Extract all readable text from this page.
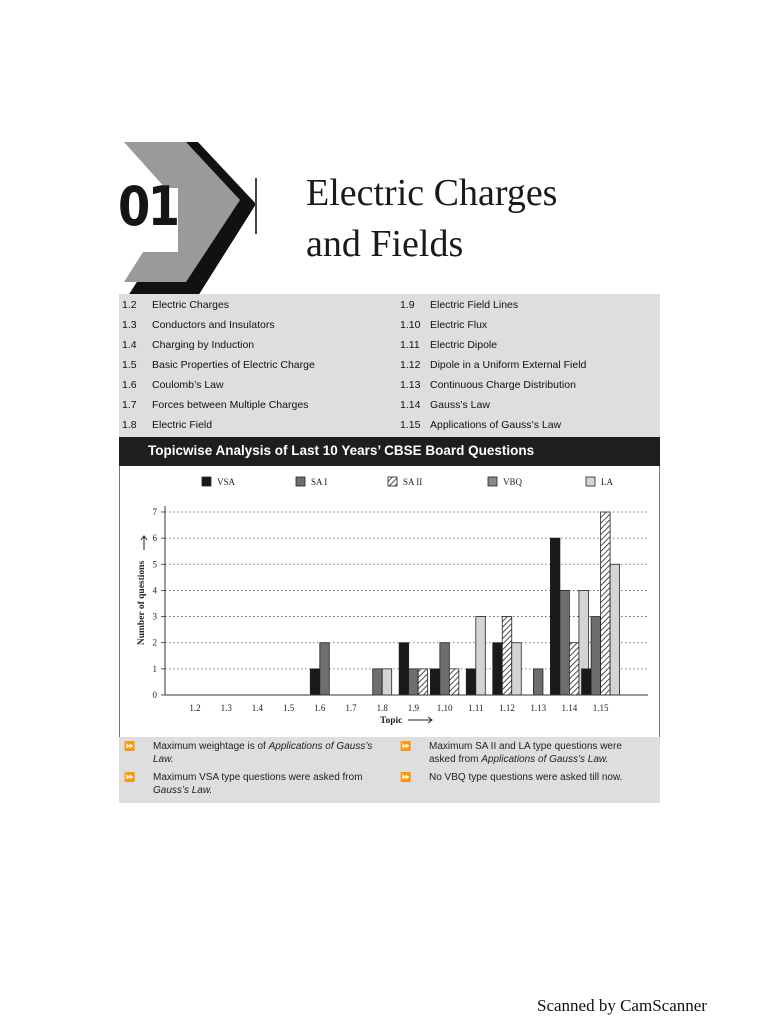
01	Electric Charges
and Fields
1.2 Electric Charges
1.3 Conductors and Insulators
1.4 Charging by Induction
1.5 Basic Properties of Electric Charge
1.6 Coulomb’s Law
1.7 Forces between Multiple Charges
1.8 Electric Field
1.9 Electric Field Lines
1.10 Electric Flux
1.11 Electric Dipole
1.12 Dipole in a Uniform External Field
1.13 Continuous Charge Distribution
1.14 Gauss’s Law
1.15 Applications of Gauss’s Law
Topicwise Analysis of Last 10 Years’ CBSE Board Questions
0
1
2
3
4
5
6
7
1.2 1.3 1.4 1.5 1.6 1.7 1.8 1.9 1.10 1.11 1.12 1.13 1.14 1.15
Topic
Number of questions
VSA	SA I	SA II	VBQ	LA
⏩ Maximum weightage is of Applications of Gauss’s Law.
⏩ Maximum VSA type questions were asked from Gauss’s Law.
⏩ Maximum SA II and LA type questions were asked from Applications of Gauss’s Law.
⏩ No VBQ type questions were asked till now.
Scanned by CamScanner
